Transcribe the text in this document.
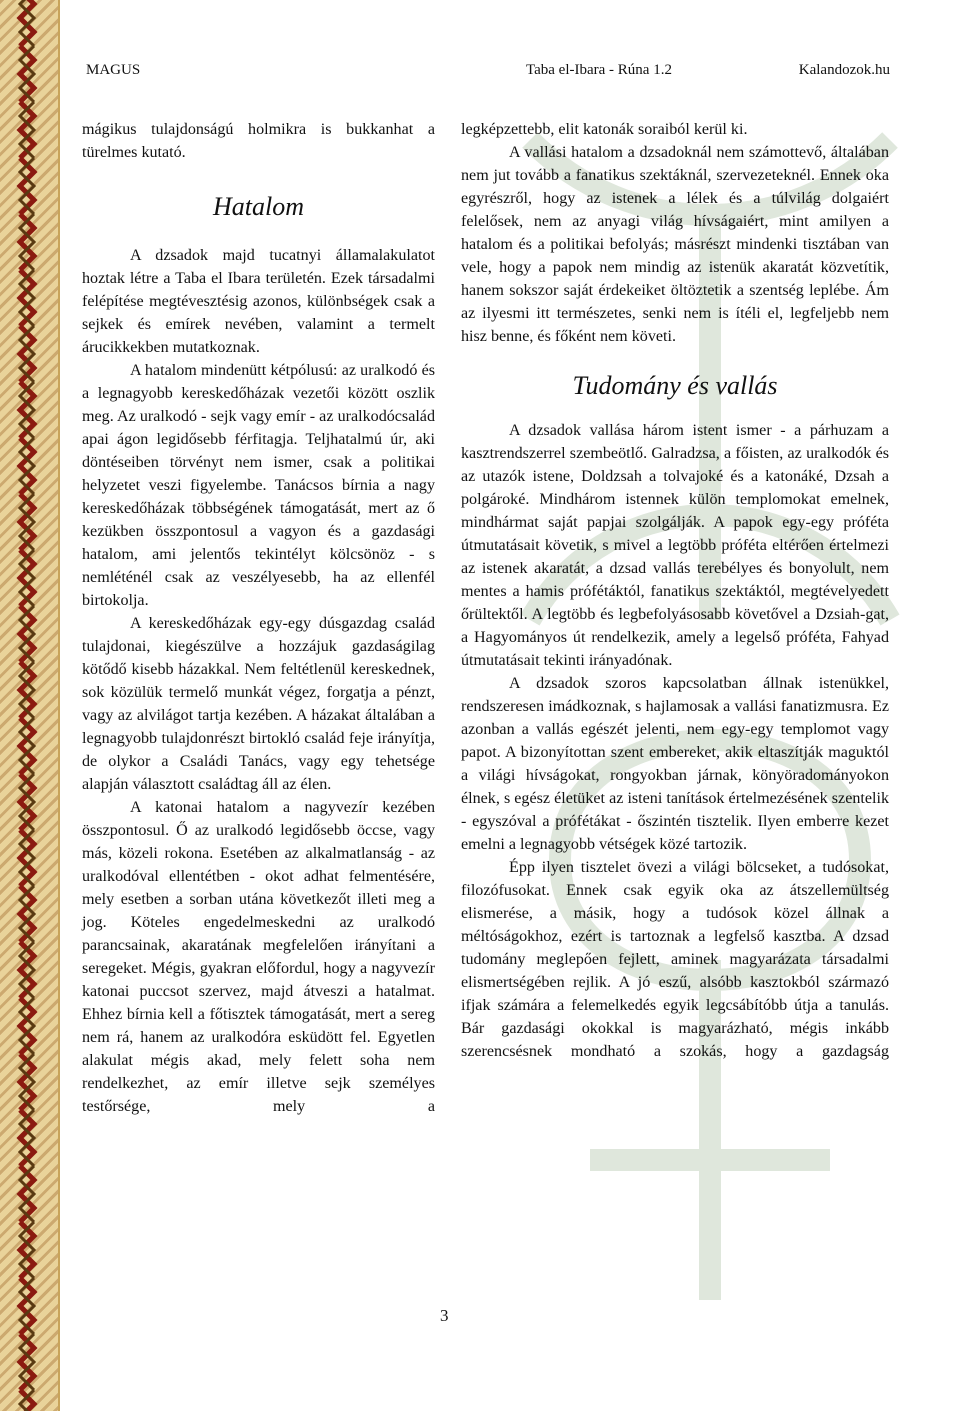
MAGUS	Taba el-Ibara - Rúna 1.2	Kalandozok.hu

mágikus tulajdonságú holmikra is bukkanhat a türelmes kutató.

Hatalom

A dzsadok majd tucatnyi államalakulatot hoztak létre a Taba el Ibara területén. Ezek társadalmi felépítése megtévesztésig azonos, különbségek csak a sejkek és emírek nevében, valamint a termelt árucikkekben mutatkoznak.

A hatalom mindenütt kétpólusú: az uralkodó és a legnagyobb kereskedőházak vezetői között oszlik meg. Az uralkodó - sejk vagy emír - az uralkodócsalád apai ágon legidősebb férfitagja. Teljhatalmú úr, aki döntéseiben törvényt nem ismer, csak a politikai helyzetet veszi figyelembe. Tanácsos bírnia a nagy kereskedőházak többségének támogatását, mert az ő kezükben összpontosul a vagyon és a gazdasági hatalom, ami jelentős tekintélyt kölcsönöz - s nemléténél csak az veszélyesebb, ha az ellenfél birtokolja.

A kereskedőházak egy-egy dúsgazdag család tulajdonai, kiegészülve a hozzájuk gazdaságilag kötődő kisebb házakkal. Nem feltétlenül kereskednek, sok közülük termelő munkát végez, forgatja a pénzt, vagy az alvilágot tartja kezében. A házakat általában a legnagyobb tulajdonrészt birtokló család feje irányítja, de olykor a Családi Tanács, vagy egy tehetsége alapján választott családtag áll az élen.

A katonai hatalom a nagyvezír kezében összpontosul. Ő az uralkodó legidősebb öccse, vagy más, közeli rokona. Esetében az alkalmatlanság - az uralkodóval ellentétben - okot adhat felmentésére, mely esetben a sorban utána következőt illeti meg a jog. Köteles engedelmeskedni az uralkodó parancsainak, akaratának megfelelően irányítani a seregeket. Mégis, gyakran előfordul, hogy a nagyvezír katonai puccsot szervez, majd átveszi a hatalmat. Ehhez bírnia kell a főtisztek támogatását, mert a sereg nem rá, hanem az uralkodóra esküdött fel. Egyetlen alakulat mégis akad, mely felett soha nem rendelkezhet, az emír illetve sejk személyes testőrsége, mely a

legképzettebb, elit katonák soraiból kerül ki.

A vallási hatalom a dzsadoknál nem számottevő, általában nem jut tovább a fanatikus szektáknál, szervezeteknél. Ennek oka egyrészről, hogy az istenek a lélek és a túlvilág dolgaiért felelősek, nem az anyagi világ hívságaiért, mint amilyen a hatalom és a politikai befolyás; másrészt mindenki tisztában van vele, hogy a papok nem mindig az istenük akaratát közvetítik, hanem sokszor saját érdekeiket öltöztetik a szentség leplébe. Ám az ilyesmi itt természetes, senki nem is ítéli el, legfeljebb nem hisz benne, és főként nem követi.

Tudomány és vallás

A dzsadok vallása három istent ismer - a párhuzam a kasztrendszerrel szembeötlő. Galradzsa, a főisten, az uralkodók és az utazók istene, Doldzsah a tolvajoké és a katonáké, Dzsah a polgároké. Mindhárom istennek külön templomokat emelnek, mindhármat saját papjai szolgálják. A papok egy-egy próféta útmutatásait követik, s mivel a legtöbb próféta eltérően értelmezi az istenek akaratát, a dzsad vallás terebélyes és bonyolult, nem mentes a hamis prófétáktól, fanatikus szektáktól, megtévelyedett őrültektől. A legtöbb és legbefolyásosabb követővel a Dzsiah-gat, a Hagyományos út rendelkezik, amely a legelső próféta, Fahyad útmutatásait tekinti irányadónak.

A dzsadok szoros kapcsolatban állnak istenükkel, rendszeresen imádkoznak, s hajlamosak a vallási fanatizmusra. Ez azonban a vallás egészét jelenti, nem egy-egy templomot vagy papot. A bizonyítottan szent embereket, akik eltaszítják maguktól a világi hívságokat, rongyokban járnak, könyöradományokon élnek, s egész életüket az isteni tanítások értelmezésének szentelik - egyszóval a prófétákat - őszintén tisztelik. Ilyen emberre kezet emelni a legnagyobb vétségek közé tartozik.

Épp ilyen tisztelet övezi a világi bölcseket, a tudósokat, filozófusokat. Ennek csak egyik oka az átszellemültség elismerése, a másik, hogy a tudósok közel állnak a méltóságokhoz, ezért is tartoznak a legfelső kasztba. A dzsad tudomány meglepően fejlett, aminek magyarázata társadalmi elismertségében rejlik. A jó eszű, alsóbb kasztokból származó ifjak számára a felemelkedés egyik legcsábítóbb útja a tanulás. Bár gazdasági okokkal is magyarázható, mégis inkább szerencsésnek mondható a szokás, hogy a gazdagság

3
